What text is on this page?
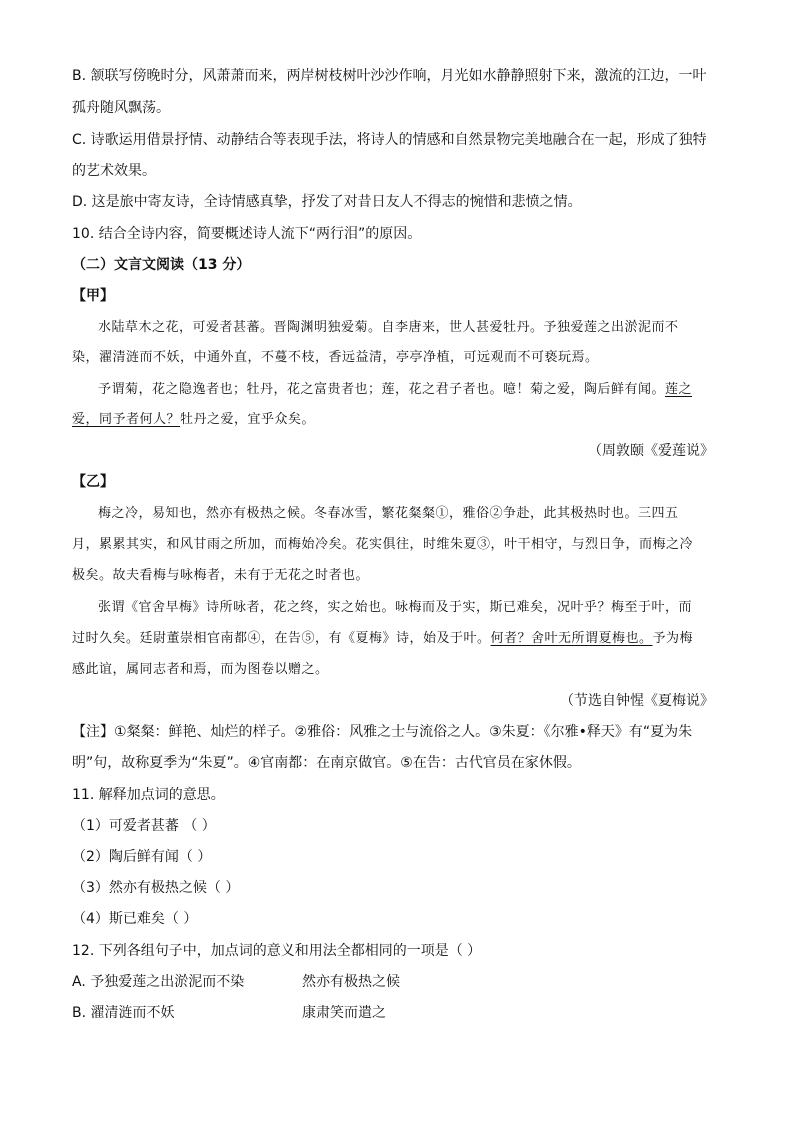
B. 颔联写傍晚时分，风萧萧而来，两岸树枝树叶沙沙作响，月光如水静静照射下来，激流的江边，一叶
孤舟随风飘荡。
C. 诗歌运用借景抒情、动静结合等表现手法，将诗人的情感和自然景物完美地融合在一起，形成了独特
的艺术效果。
D. 这是旅中寄友诗，全诗情感真挚，抒发了对昔日友人不得志的惋惜和悲愤之情。
10. 结合全诗内容，简要概述诗人流下“两行泪”的原因。
（二）文言文阅读（13 分）
【甲】
水陆草木之花，可爱者甚蕃。晋陶渊明独爱菊。自李唐来，世人甚爱牡丹。予独爱莲之出淤泥而不
染，濯清涟而不妖，中通外直，不蔓不枝，香远益清，亭亭净植，可远观而不可亵玩焉。
予谓菊，花之隐逸者也；牡丹，花之富贵者也；莲，花之君子者也。噫！菊之爱，陶后鲜有闻。莲之
爱，同予者何人？牡丹之爱，宜乎众矣。
（周敦颐《爱莲说》
【乙】
梅之冷，易知也，然亦有极热之候。冬春冰雪，繁花粲粲①，雅俗②争赴，此其极热时也。三四五
月，累累其实，和风甘雨之所加，而梅始冷矣。花实俱往，时维朱夏③，叶干相守，与烈日争，而梅之冷
极矣。故夫看梅与咏梅者，未有于无花之时者也。
张谓《官舍早梅》诗所咏者，花之终，实之始也。咏梅而及于实，斯已难矣，况叶乎？梅至于叶，而
过时久矣。廷尉董崇相官南都④，在告⑤，有《夏梅》诗，始及于叶。何者？舍叶无所谓夏梅也。予为梅
感此谊，属同志者和焉，而为图卷以赠之。
（节选自钟惺《夏梅说》
【注】①粲粲：鲜艳、灿烂的样子。②雅俗：风雅之士与流俗之人。③朱夏：《尔雅•释天》有“夏为朱
明”句，故称夏季为“朱夏”。④官南都：在南京做官。⑤在告：古代官员在家休假。
11. 解释加点词的意思。
（1）可爱者甚蕃 （ ）
（2）陶后鲜有闻（ ）
（3）然亦有极热之候（ ）
（4）斯已难矣（ ）
12. 下列各组句子中，加点词的意义和用法全都相同的一项是（ ）
A. 予独爱莲之出淤泥而不染	然亦有极热之候
B. 濯清涟而不妖	康肃笑而遣之
